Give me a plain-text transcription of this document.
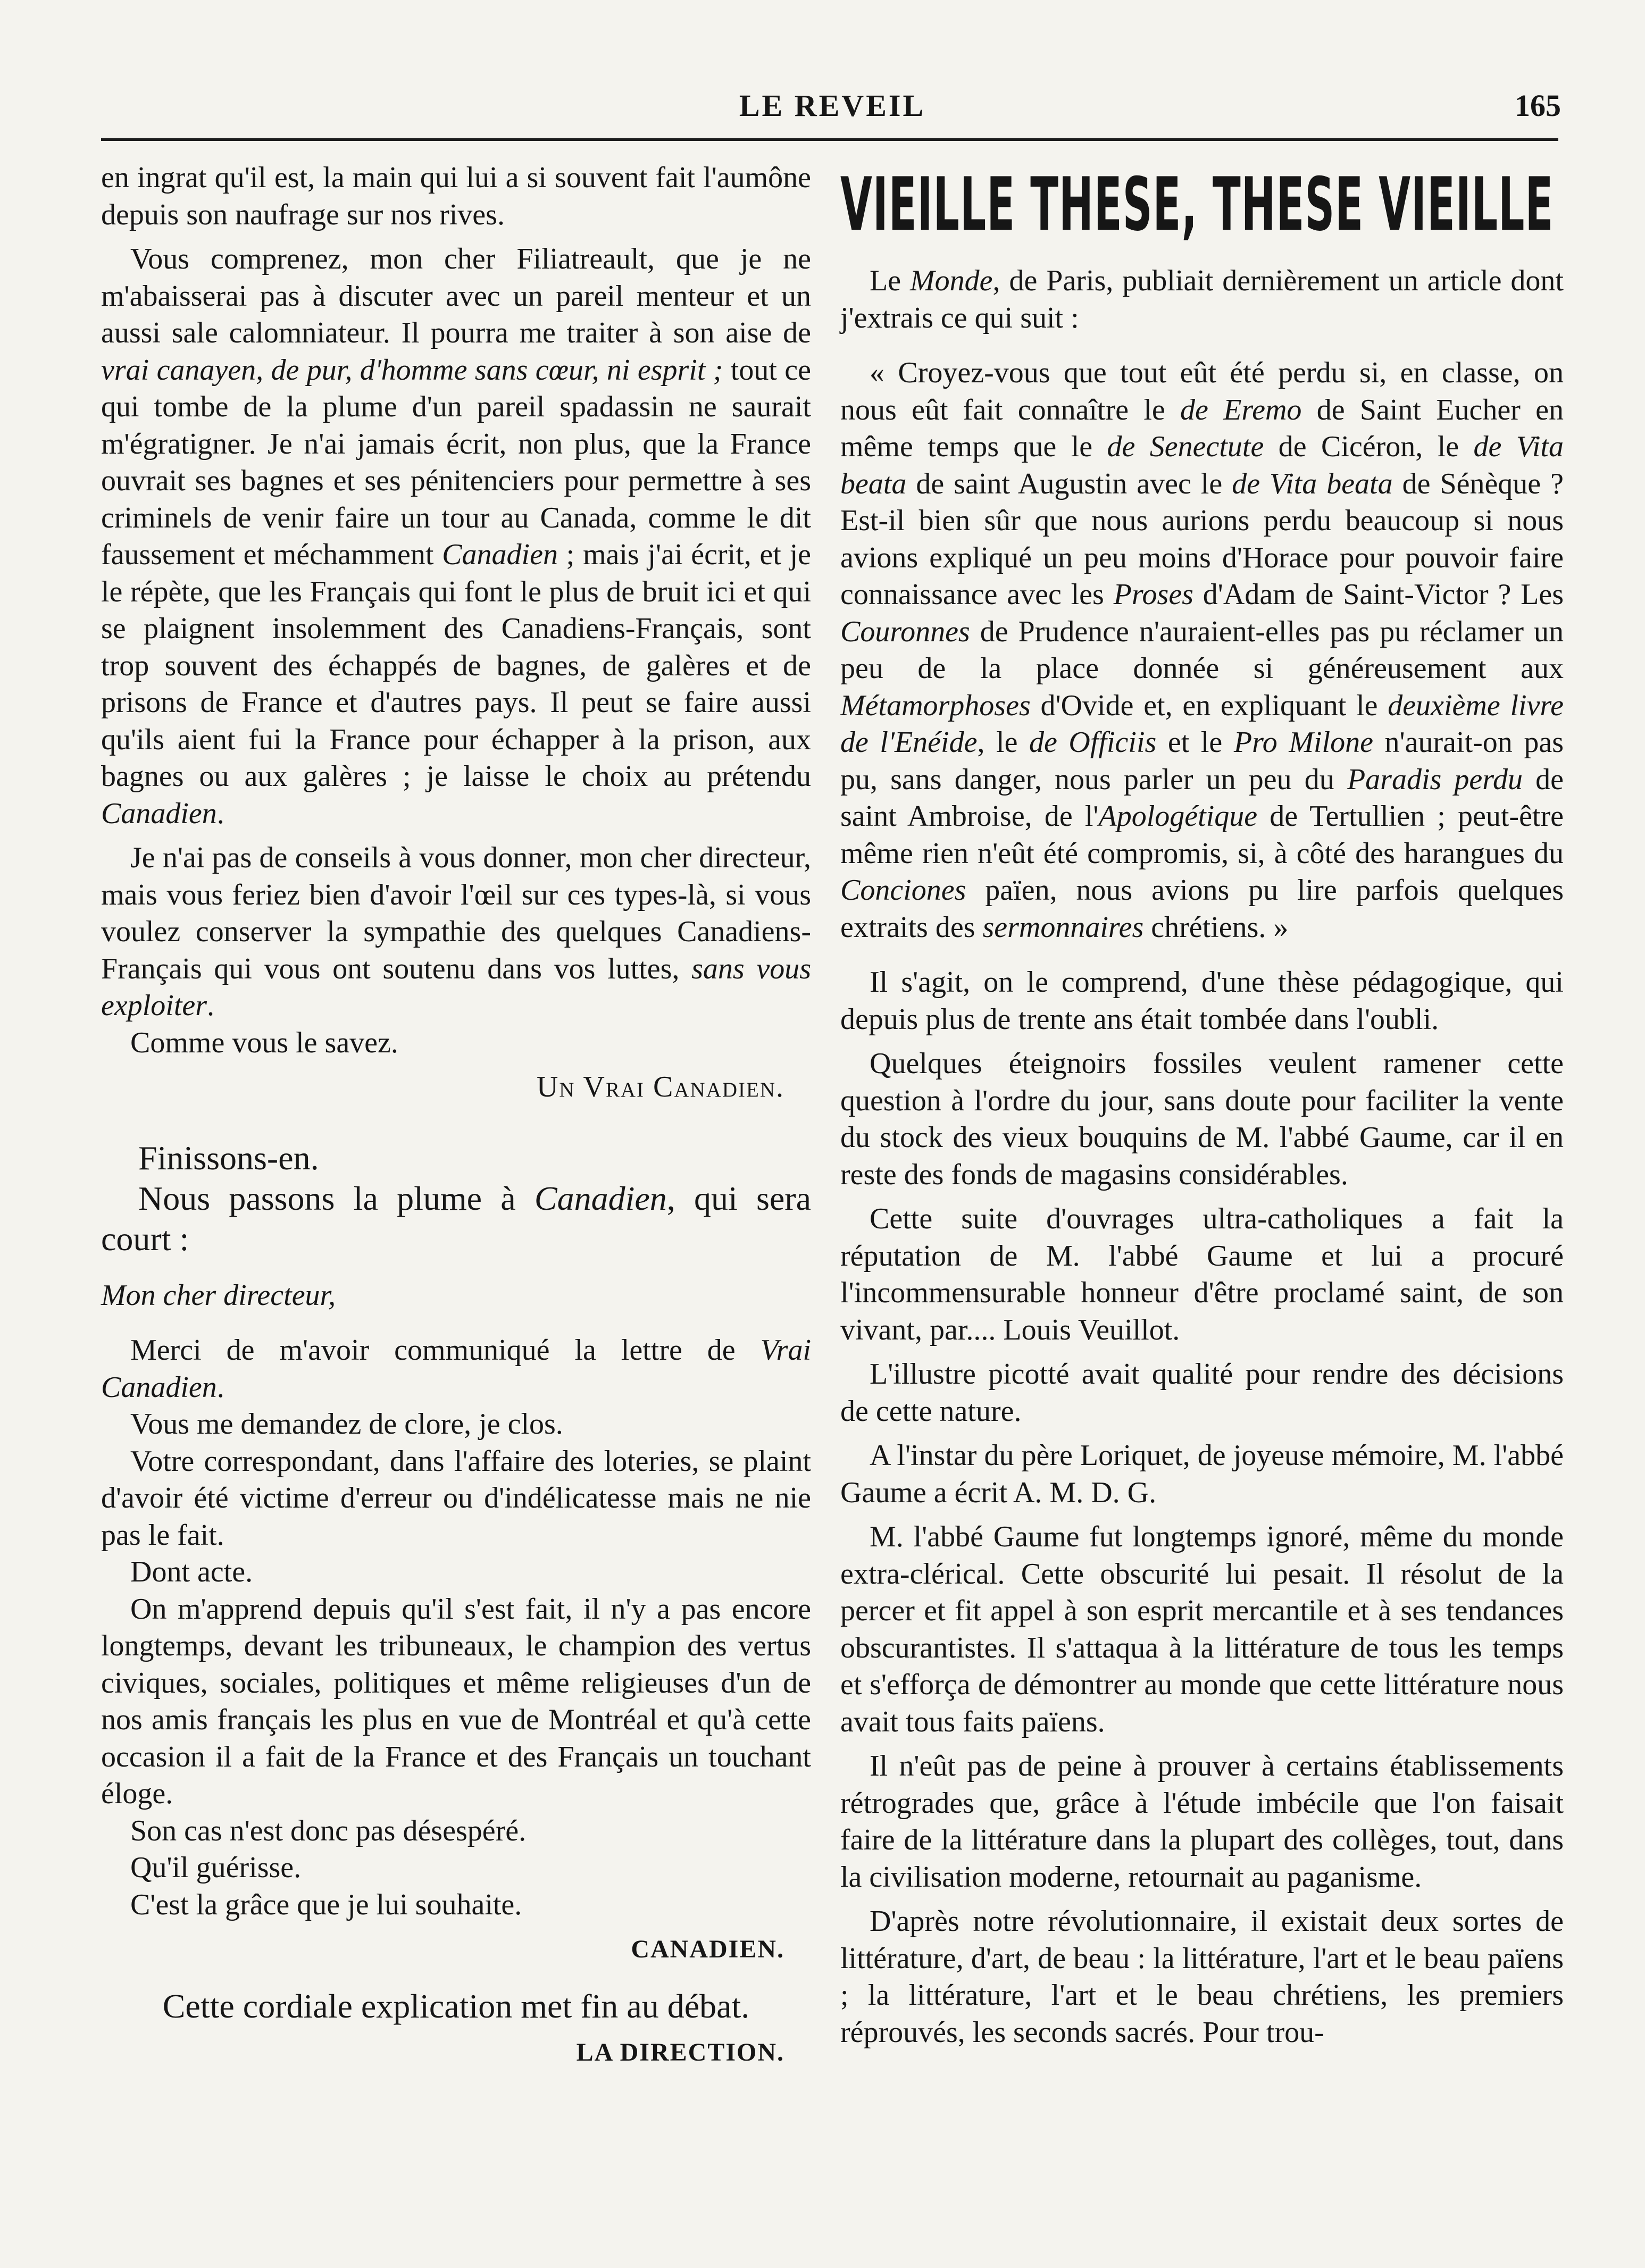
LE REVEIL	165

en ingrat qu'il est, la main qui lui a si souvent fait l'aumône depuis son naufrage sur nos rives.

Vous comprenez, mon cher Filiatreault, que je ne m'abaisserai pas à discuter avec un pareil menteur et un aussi sale calomniateur. Il pourra me traiter à son aise de vrai canayen, de pur, d'homme sans cœur, ni esprit ; tout ce qui tombe de la plume d'un pareil spadassin ne saurait m'égratigner. Je n'ai jamais écrit, non plus, que la France ouvrait ses bagnes et ses pénitenciers pour permettre à ses criminels de venir faire un tour au Canada, comme le dit faussement et méchamment Canadien ; mais j'ai écrit, et je le répète, que les Français qui font le plus de bruit ici et qui se plaignent insolemment des Canadiens-Français, sont trop souvent des échappés de bagnes, de galères et de prisons de France et d'autres pays. Il peut se faire aussi qu'ils aient fui la France pour échapper à la prison, aux bagnes ou aux galères ; je laisse le choix au prétendu Canadien.

Je n'ai pas de conseils à vous donner, mon cher directeur, mais vous feriez bien d'avoir l'œil sur ces types-là, si vous voulez conserver la sympathie des quelques Canadiens-Français qui vous ont soutenu dans vos luttes, sans vous exploiter.

Comme vous le savez.

Un Vrai Canadien.

Finissons-en.

Nous passons la plume à Canadien, qui sera court :

Mon cher directeur,

Merci de m'avoir communiqué la lettre de Vrai Canadien.

Vous me demandez de clore, je clos.

Votre correspondant, dans l'affaire des loteries, se plaint d'avoir été victime d'erreur ou d'indélicatesse mais ne nie pas le fait.

Dont acte.

On m'apprend depuis qu'il s'est fait, il n'y a pas encore longtemps, devant les tribuneaux, le champion des vertus civiques, sociales, politiques et même religieuses d'un de nos amis français les plus en vue de Montréal et qu'à cette occasion il a fait de la France et des Français un touchant éloge.

Son cas n'est donc pas désespéré.

Qu'il guérisse.

C'est la grâce que je lui souhaite.

CANADIEN.

Cette cordiale explication met fin au débat.

LA DIRECTION.

VIEILLE THESE, THESE VIEILLE

Le Monde, de Paris, publiait dernièrement un article dont j'extrais ce qui suit :

« Croyez-vous que tout eût été perdu si, en classe, on nous eût fait connaître le de Eremo de Saint Eucher en même temps que le de Senectute de Cicéron, le de Vita beata de saint Augustin avec le de Vita beata de Sénèque ? Est-il bien sûr que nous aurions perdu beaucoup si nous avions expliqué un peu moins d'Horace pour pouvoir faire connaissance avec les Proses d'Adam de Saint-Victor ? Les Couronnes de Prudence n'auraient-elles pas pu réclamer un peu de la place donnée si généreusement aux Métamorphoses d'Ovide et, en expliquant le deuxième livre de l'Enéide, le de Officiis et le Pro Milone n'aurait-on pas pu, sans danger, nous parler un peu du Paradis perdu de saint Ambroise, de l'Apologétique de Tertullien ; peut-être même rien n'eût été compromis, si, à côté des harangues du Conciones païen, nous avions pu lire parfois quelques extraits des sermonnaires chrétiens. »

Il s'agit, on le comprend, d'une thèse pédagogique, qui depuis plus de trente ans était tombée dans l'oubli.

Quelques éteignoirs fossiles veulent ramener cette question à l'ordre du jour, sans doute pour faciliter la vente du stock des vieux bouquins de M. l'abbé Gaume, car il en reste des fonds de magasins considérables.

Cette suite d'ouvrages ultra-catholiques a fait la réputation de M. l'abbé Gaume et lui a procuré l'incommensurable honneur d'être proclamé saint, de son vivant, par.... Louis Veuillot.

L'illustre picotté avait qualité pour rendre des décisions de cette nature.

A l'instar du père Loriquet, de joyeuse mémoire, M. l'abbé Gaume a écrit A. M. D. G.

M. l'abbé Gaume fut longtemps ignoré, même du monde extra-clérical. Cette obscurité lui pesait. Il résolut de la percer et fit appel à son esprit mercantile et à ses tendances obscurantistes. Il s'attaqua à la littérature de tous les temps et s'efforça de démontrer au monde que cette littérature nous avait tous faits païens.

Il n'eût pas de peine à prouver à certains établissements rétrogrades que, grâce à l'étude imbécile que l'on faisait faire de la littérature dans la plupart des collèges, tout, dans la civilisation moderne, retournait au paganisme.

D'après notre révolutionnaire, il existait deux sortes de littérature, d'art, de beau : la littérature, l'art et le beau païens ; la littérature, l'art et le beau chrétiens, les premiers réprouvés, les seconds sacrés. Pour trou-
